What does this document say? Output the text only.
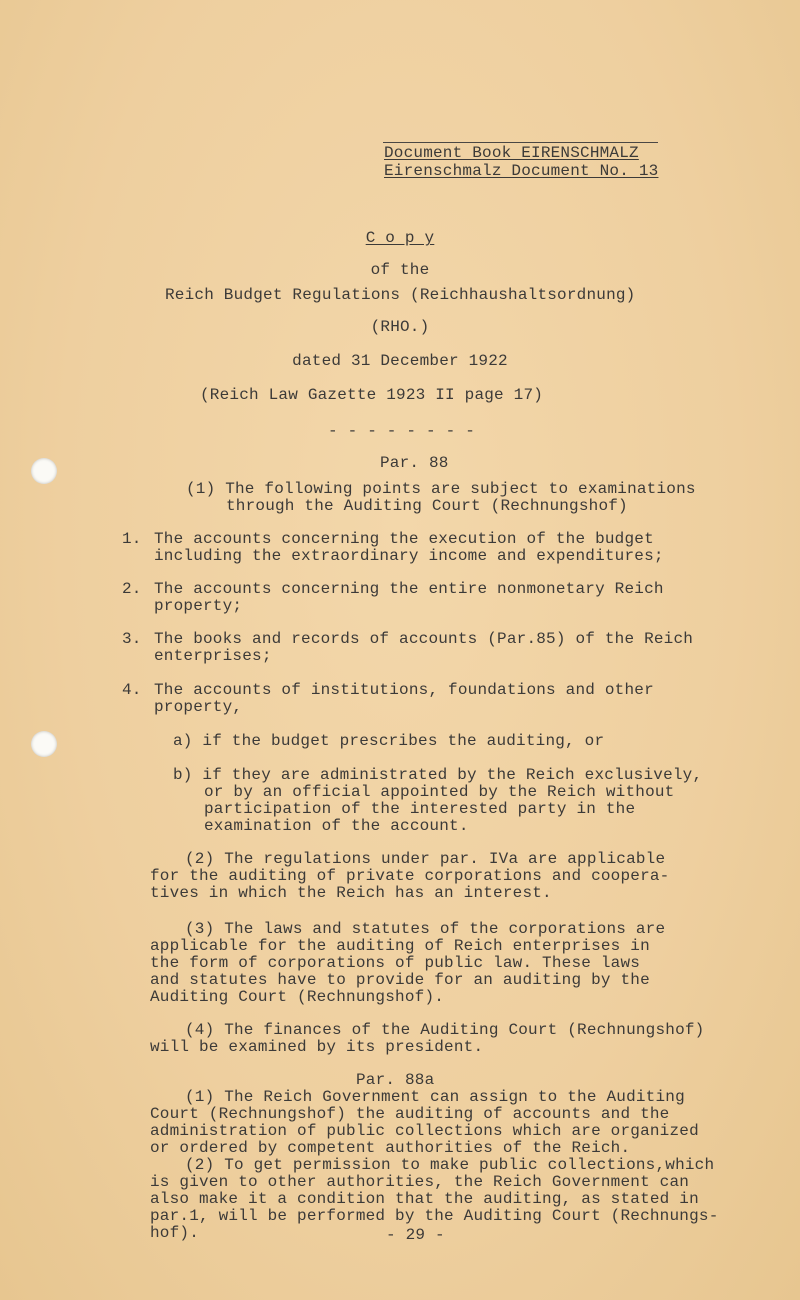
Document Book EIRENSCHMALZ
Eirenschmalz Document No. 13
C o p y
of the
Reich Budget Regulations (Reichhaushaltsordnung)
(RHO.)
dated 31 December 1922
(Reich Law Gazette 1923 II page 17)
- - - - - - - -
Par. 88
(1) The following points are subject to examinations
through the Auditing Court (Rechnungshof)
1. The accounts concerning the execution of the budget
including the extraordinary income and expenditures;
2. The accounts concerning the entire nonmonetary Reich
property;
3. The books and records of accounts (Par.85) of the Reich
enterprises;
4. The accounts of institutions, foundations and other
property,
a) if the budget prescribes the auditing, or
b) if they are administrated by the Reich exclusively,
or by an official appointed by the Reich without
participation of the interested party in the
examination of the account.
(2) The regulations under par. IVa are applicable
for the auditing of private corporations and coopera-
tives in which the Reich has an interest.
(3) The laws and statutes of the corporations are
applicable for the auditing of Reich enterprises in
the form of corporations of public law. These laws
and statutes have to provide for an auditing by the
Auditing Court (Rechnungshof).
(4) The finances of the Auditing Court (Rechnungshof)
will be examined by its president.
Par. 88a
(1) The Reich Government can assign to the Auditing
Court (Rechnungshof) the auditing of accounts and the
administration of public collections which are organized
or ordered by competent authorities of the Reich.
(2) To get permission to make public collections,which
is given to other authorities, the Reich Government can
also make it a condition that the auditing, as stated in
par.1, will be performed by the Auditing Court (Rechnungs-
hof).	- 29 -
